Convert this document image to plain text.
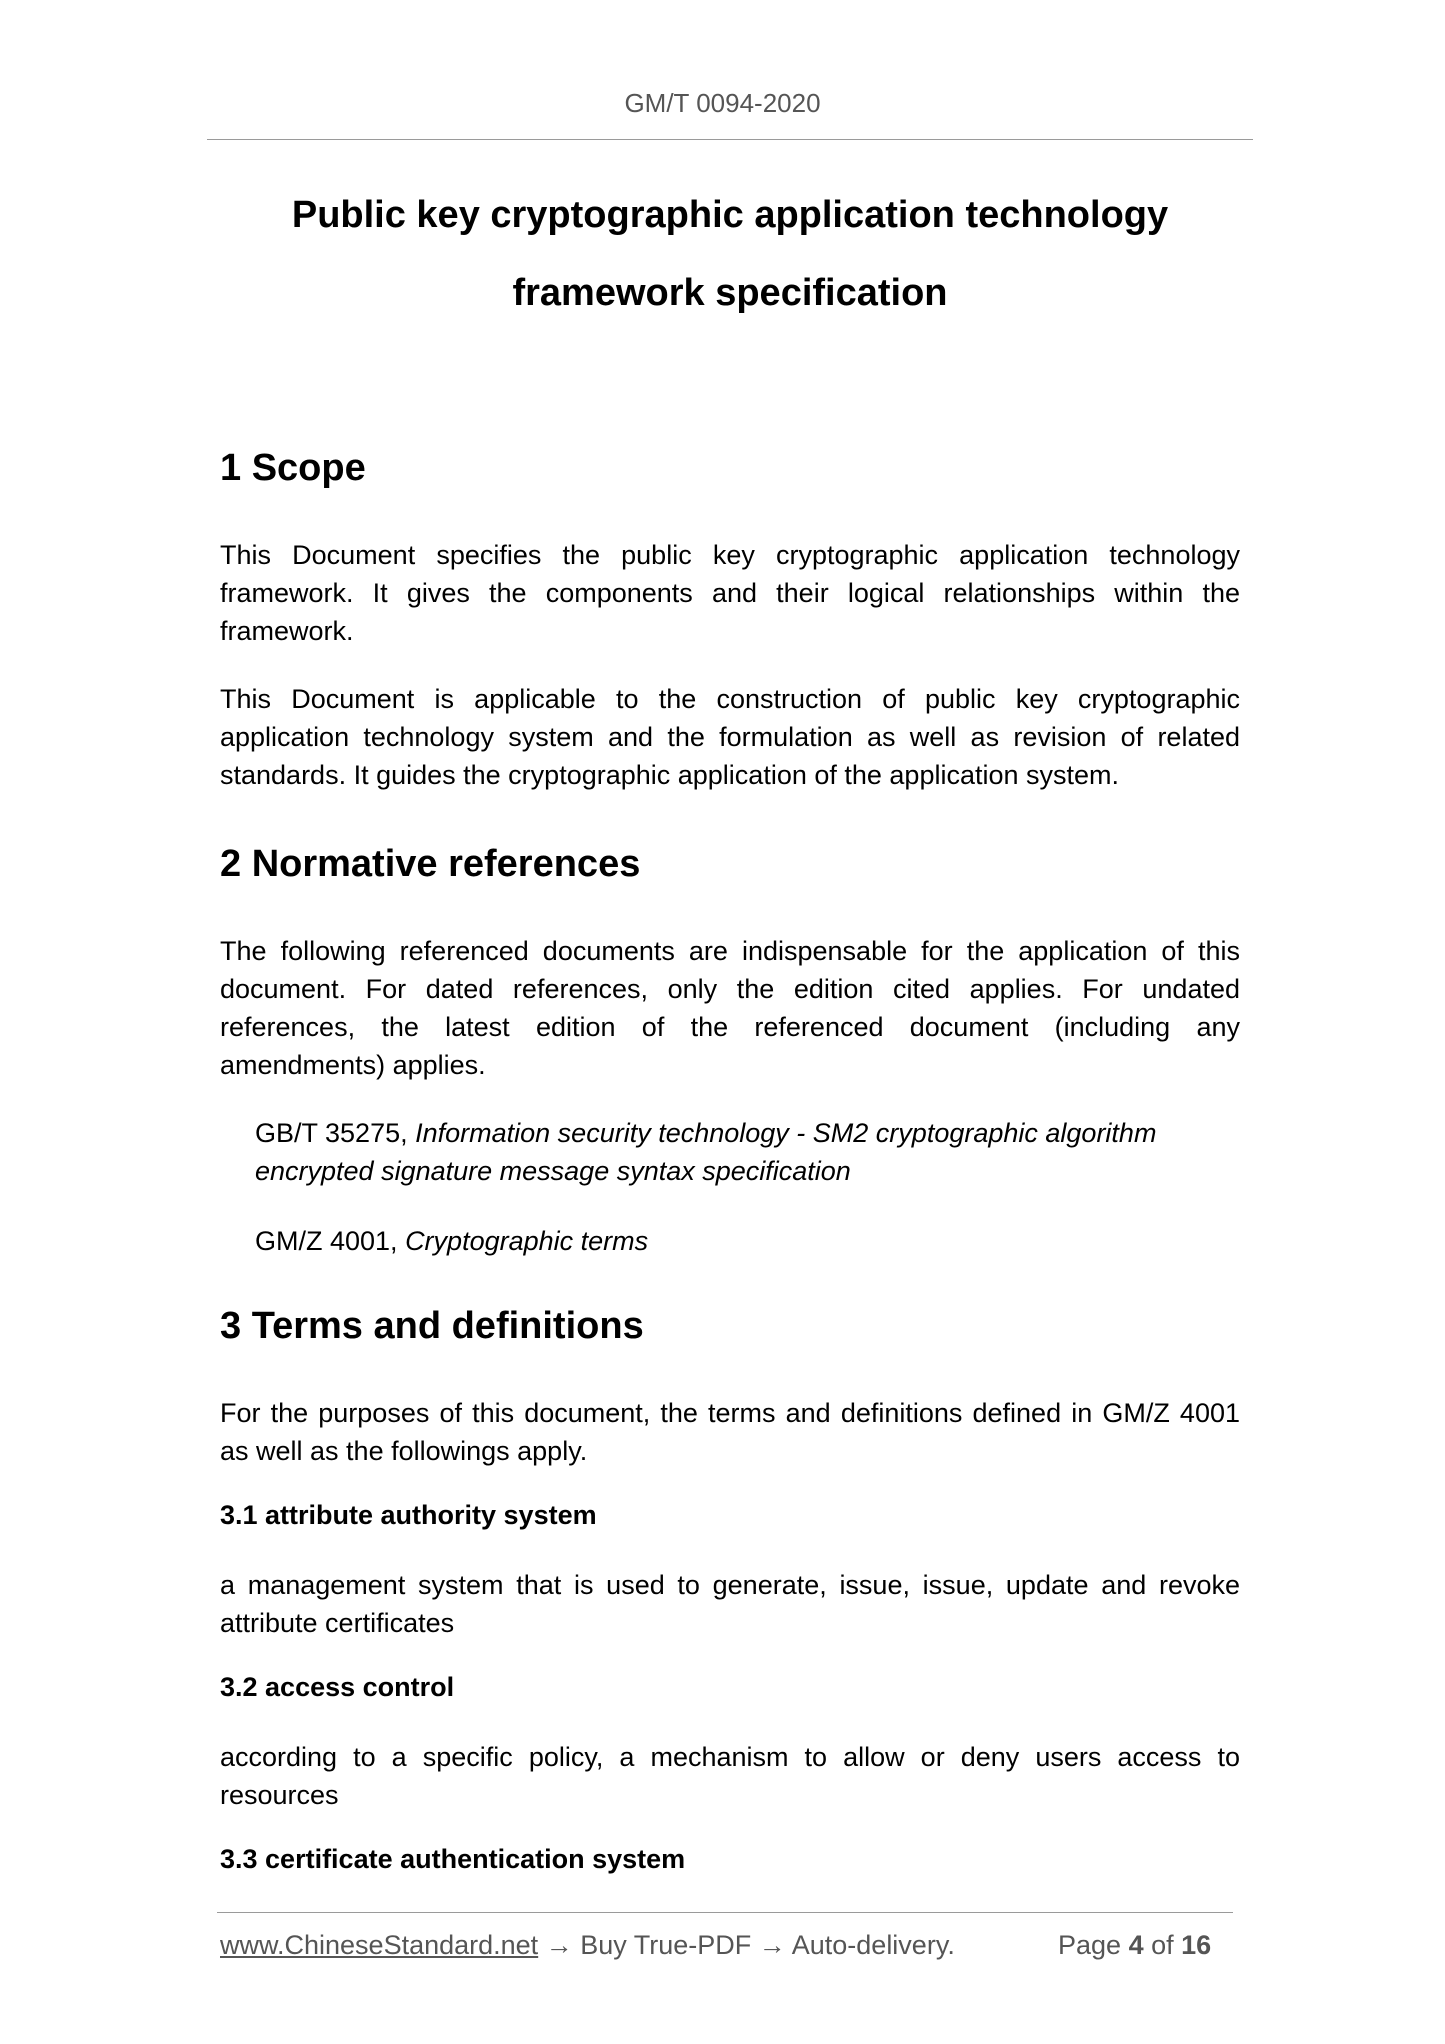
GM/T 0094-2020
Public key cryptographic application technology
framework specification
1 Scope

This Document specifies the public key cryptographic application technology framework. It gives the components and their logical relationships within the framework.

This Document is applicable to the construction of public key cryptographic application technology system and the formulation as well as revision of related standards. It guides the cryptographic application of the application system.

2 Normative references

The following referenced documents are indispensable for the application of this document. For dated references, only the edition cited applies. For undated references, the latest edition of the referenced document (including any amendments) applies.

GB/T 35275, Information security technology - SM2 cryptographic algorithm encrypted signature message syntax specification

GM/Z 4001, Cryptographic terms

3 Terms and definitions

For the purposes of this document, the terms and definitions defined in GM/Z 4001 as well as the followings apply.

3.1 attribute authority system

a management system that is used to generate, issue, issue, update and revoke attribute certificates

3.2 access control

according to a specific policy, a mechanism to allow or deny users access to resources

3.3 certificate authentication system

www.ChineseStandard.net → Buy True-PDF → Auto-delivery.	Page 4 of 16
